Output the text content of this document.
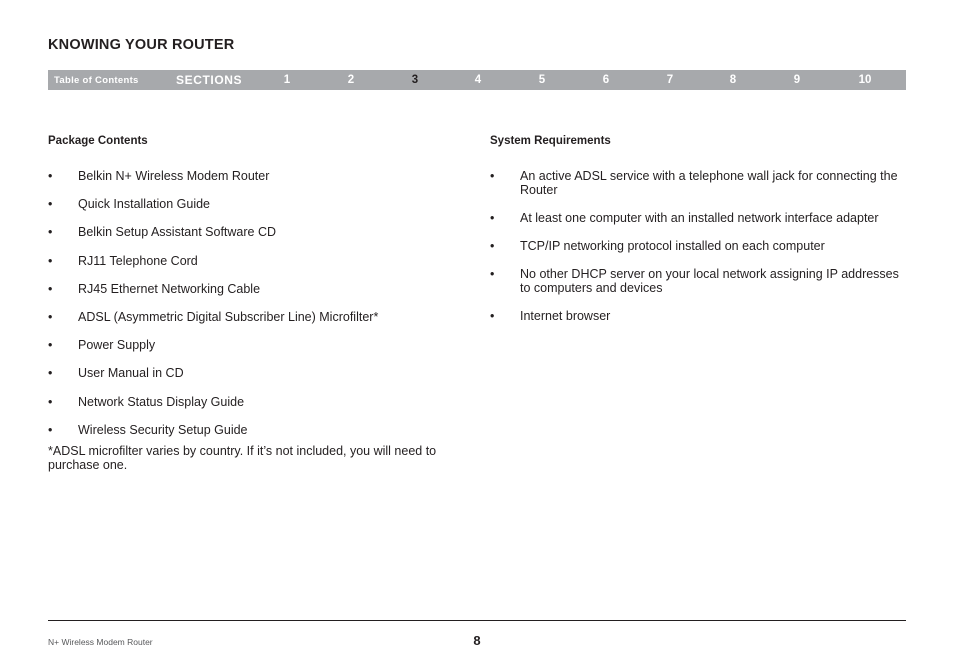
KNOWING YOUR ROUTER
Table of Contents	SECTIONS	1	2	3	4	5	6	7	8	9	10
Package Contents
• Belkin N+ Wireless Modem Router
• Quick Installation Guide
• Belkin Setup Assistant Software CD
• RJ11 Telephone Cord
• RJ45 Ethernet Networking Cable
• ADSL (Asymmetric Digital Subscriber Line) Microfilter*
• Power Supply
• User Manual in CD
• Network Status Display Guide
• Wireless Security Setup Guide

*ADSL microfilter varies by country. If it’s not included, you will need to purchase one.

System Requirements
• An active ADSL service with a telephone wall jack for connecting the Router
• At least one computer with an installed network interface adapter
• TCP/IP networking protocol installed on each computer
• No other DHCP server on your local network assigning IP addresses to computers and devices
• Internet browser
N+ Wireless Modem Router	8
